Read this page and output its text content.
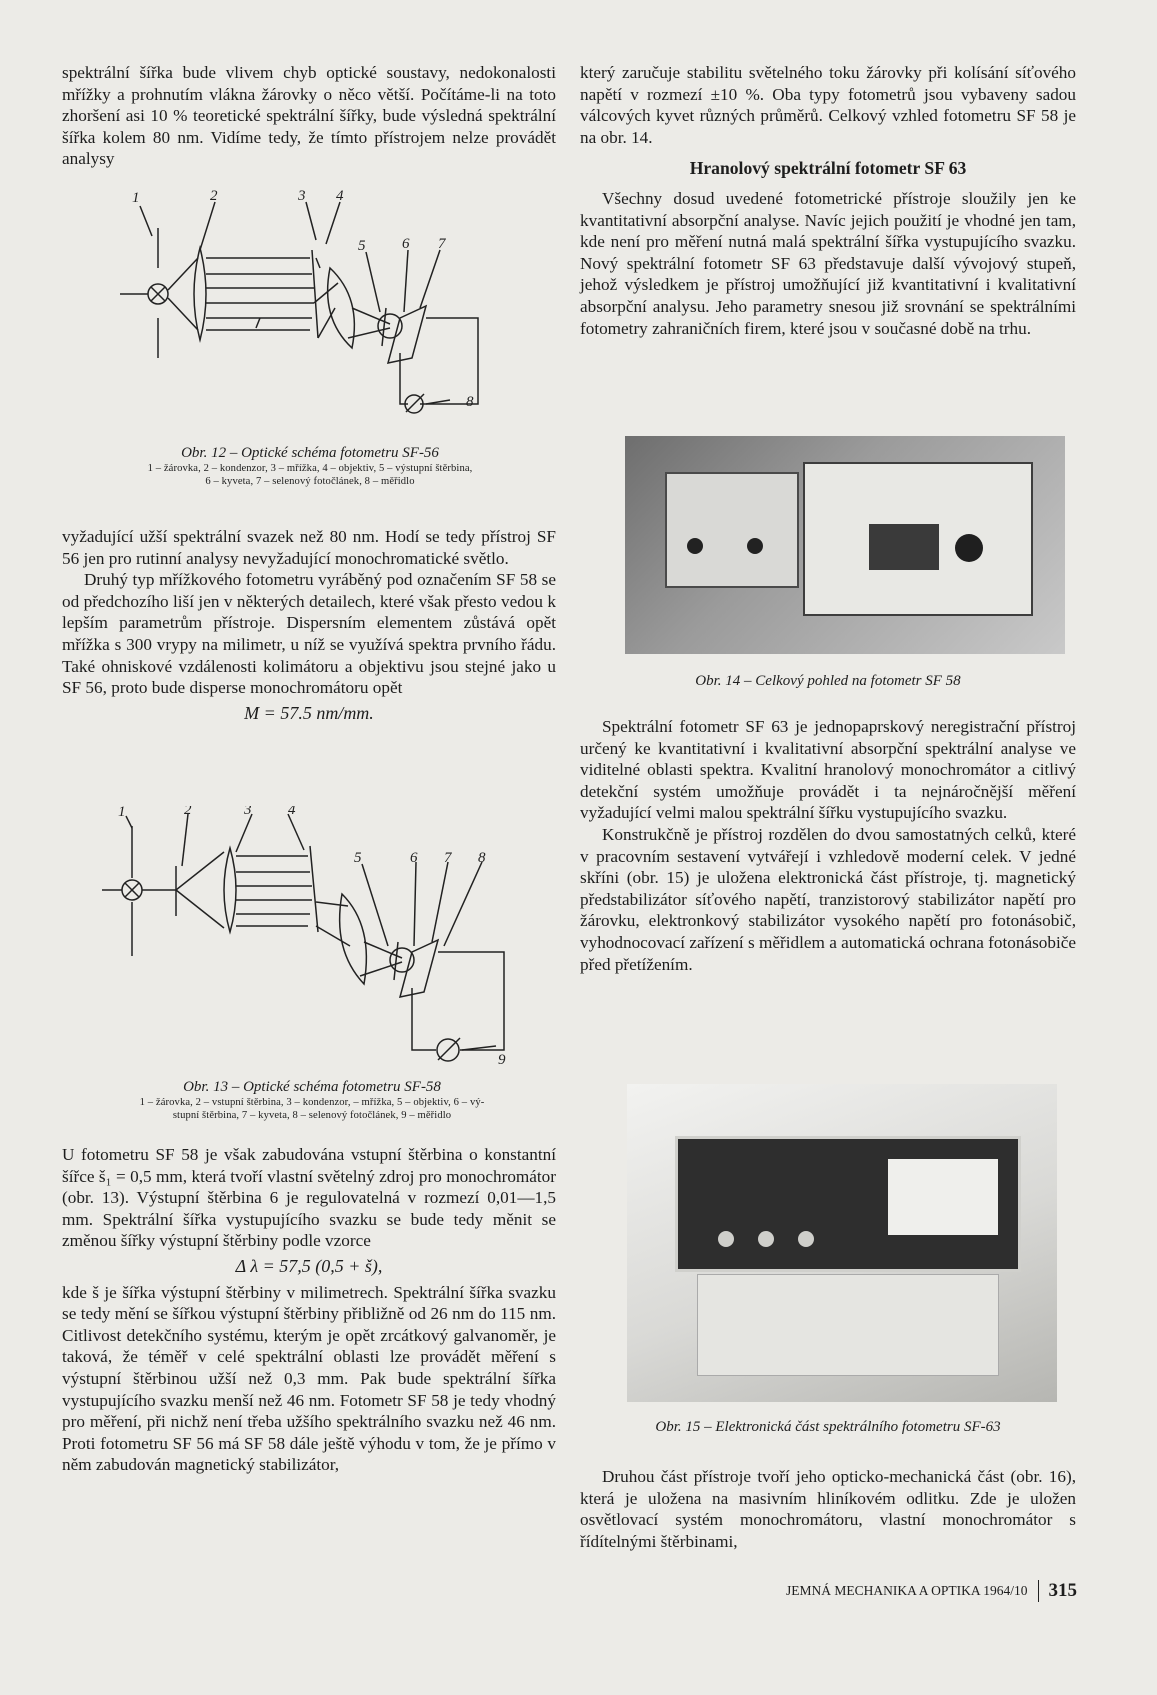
spektrální šířka bude vlivem chyb optické soustavy, nedokonalosti mřížky a prohnutím vlákna žárovky o něco větší. Počítáme-li na toto zhoršení asi 10 % teoretické spektrální šířky, bude výsledná spektrální šířka kolem 80 nm. Vidíme tedy, že tímto přístrojem nelze provádět analysy

1	2	3 4
5 6 7
8
Obr. 12 – Optické schéma fotometru SF-56
1 – žárovka, 2 – kondenzor, 3 – mřížka, 4 – objektiv, 5 – výstupní štěrbina,
6 – kyveta, 7 – selenový fotočlánek, 8 – měřidlo

vyžadující užší spektrální svazek než 80 nm. Hodí se tedy přístroj SF 56 jen pro rutinní analysy nevyžadující monochromatické světlo.

Druhý typ mřížkového fotometru vyráběný pod označením SF 58 se od předchozího liší jen v některých detailech, které však přesto vedou k lepším parametrům přístroje. Dispersním elementem zůstává opět mřížka s 300 vrypy na milimetr, u níž se využívá spektra prvního řádu. Také ohniskové vzdálenosti kolimátoru a objektivu jsou stejné jako u SF 56, proto bude disperse monochromátoru opět

M = 57.5 nm/mm.
1	2	3 4
5	6 7 8
9
Obr. 13 – Optické schéma fotometru SF-58
1 – žárovka, 2 – vstupní štěrbina, 3 – kondenzor, – mřížka, 5 – objektiv, 6 – vý-
stupní štěrbina, 7 – kyveta, 8 – selenový fotočlánek, 9 – měřidlo

U fotometru SF 58 je však zabudována vstupní štěrbina o konstantní šířce š₁ = 0,5 mm, která tvoří vlastní světelný zdroj pro monochromátor (obr. 13). Výstupní štěrbina 6 je regulovatelná v rozmezí 0,01—1,5 mm. Spektrální šířka vystupujícího svazku se bude tedy měnit se změnou šířky výstupní štěrbiny podle vzorce

Δ λ = 57,5 (0,5 + š),

kde š je šířka výstupní štěrbiny v milimetrech. Spektrální šířka svazku se tedy mění se šířkou výstupní štěrbiny přibližně od 26 nm do 115 nm. Citlivost detekčního systému, kterým je opět zrcátkový galvanoměr, je taková, že téměř v celé spektrální oblasti lze provádět měření s výstupní štěrbinou užší než 0,3 mm. Pak bude spektrální šířka vystupujícího svazku menší než 46 nm. Fotometr SF 58 je tedy vhodný pro měření, při nichž není třeba užšího spektrálního svazku než 46 nm. Proti fotometru SF 56 má SF 58 dále ještě výhodu v tom, že je přímo v něm zabudován magnetický stabilizátor,

který zaručuje stabilitu světelného toku žárovky při kolísání síťového napětí v rozmezí ±10 %. Oba typy fotometrů jsou vybaveny sadou válcových kyvet různých průměrů. Celkový vzhled fotometru SF 58 je na obr. 14.

Hranolový spektrální fotometr SF 63

Všechny dosud uvedené fotometrické přístroje sloužily jen ke kvantitativní absorpční analyse. Navíc jejich použití je vhodné jen tam, kde není pro měření nutná malá spektrální šířka vystupujícího svazku. Nový spektrální fotometr SF 63 představuje další vývojový stupeň, jehož výsledkem je přístroj umožňující již kvantitativní i kvalitativní absorpční analysu. Jeho parametry snesou již srovnání se spektrálními fotometry zahraničních firem, které jsou v současné době na trhu.

Obr. 14 – Celkový pohled na fotometr SF 58

Spektrální fotometr SF 63 je jednopaprskový neregistrační přístroj určený ke kvantitativní i kvalitativní absorpční spektrální analyse ve viditelné oblasti spektra. Kvalitní hranolový monochromátor a citlivý detekční systém umožňuje provádět i ta nejnáročnější měření vyžadující velmi malou spektrální šířku vystupujícího svazku.

Konstrukčně je přístroj rozdělen do dvou samostatných celků, které v pracovním sestavení vytvářejí i vzhledově moderní celek. V jedné skříni (obr. 15) je uložena elektronická část přístroje, tj. magnetický předstabilizátor síťového napětí, tranzistorový stabilizátor napětí pro žárovku, elektronkový stabilizátor vysokého napětí pro fotonásobič, vyhodnocovací zařízení s měřidlem a automatická ochrana fotonásobiče před přetížením.

Obr. 15 – Elektronická část spektrálního fotometru SF-63

Druhou část přístroje tvoří jeho opticko-mechanická část (obr. 16), která je uložena na masivním hliníkovém odlitku. Zde je uložen osvětlovací systém monochromátoru, vlastní monochromátor s řídítelnými štěrbinami,

JEMNÁ MECHANIKA A OPTIKA 1964/10	315
